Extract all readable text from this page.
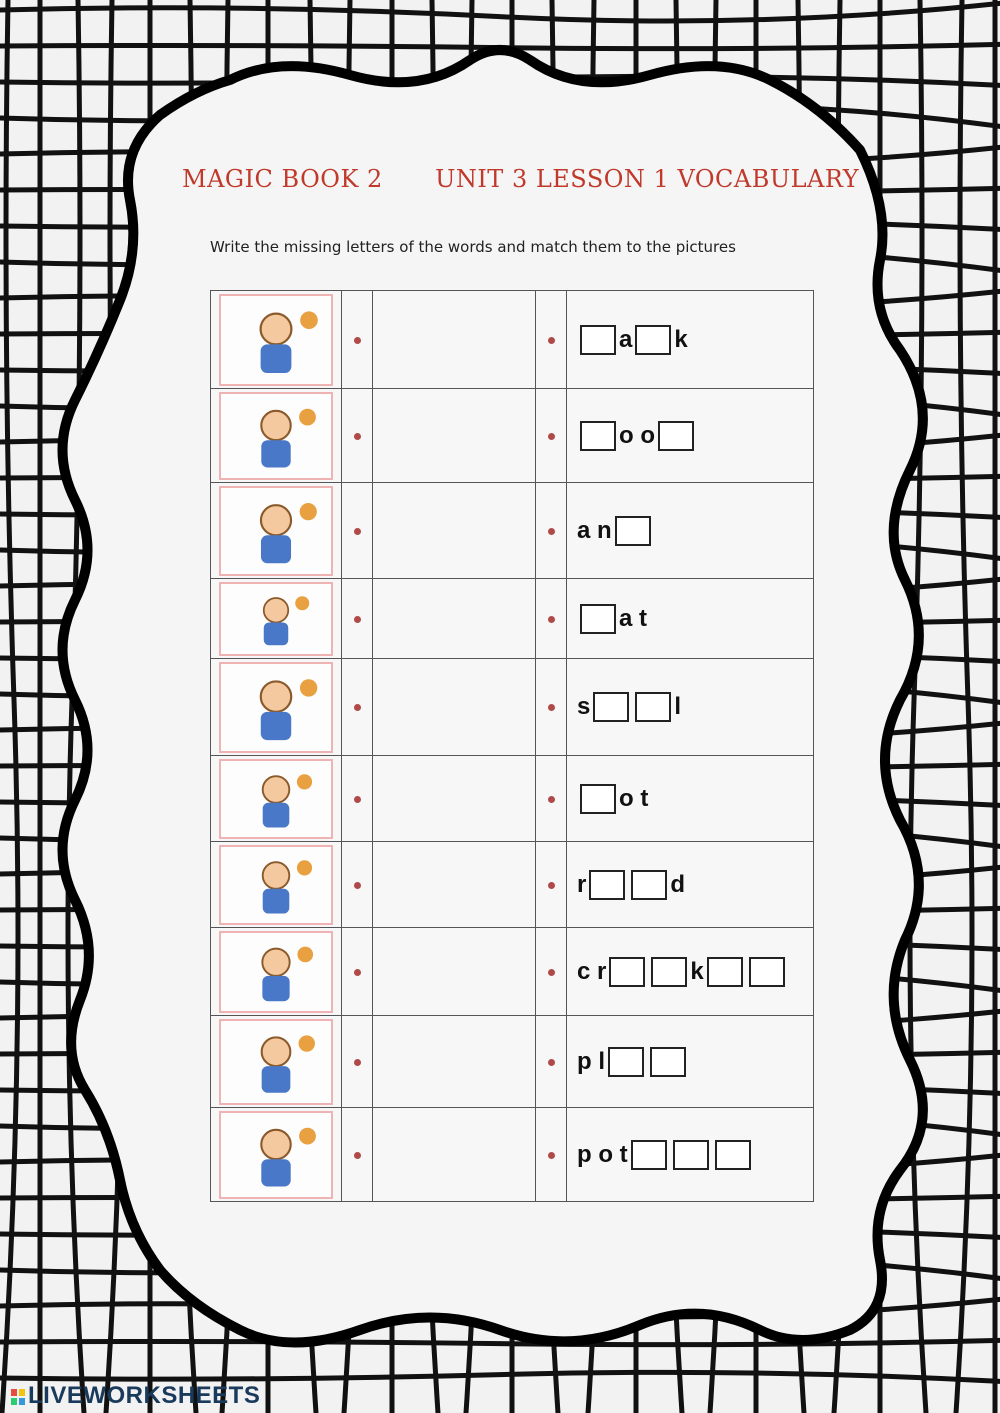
MAGIC BOOK 2 UNIT 3 LESSON 1 VOCABULARY
Write the missing letters of the words and match them to the pictures
				a k

				o o

				a n

				a t

				s l

				o t

				r d

				c r k

				p l

				p o t
LIVEWORKSHEETS
